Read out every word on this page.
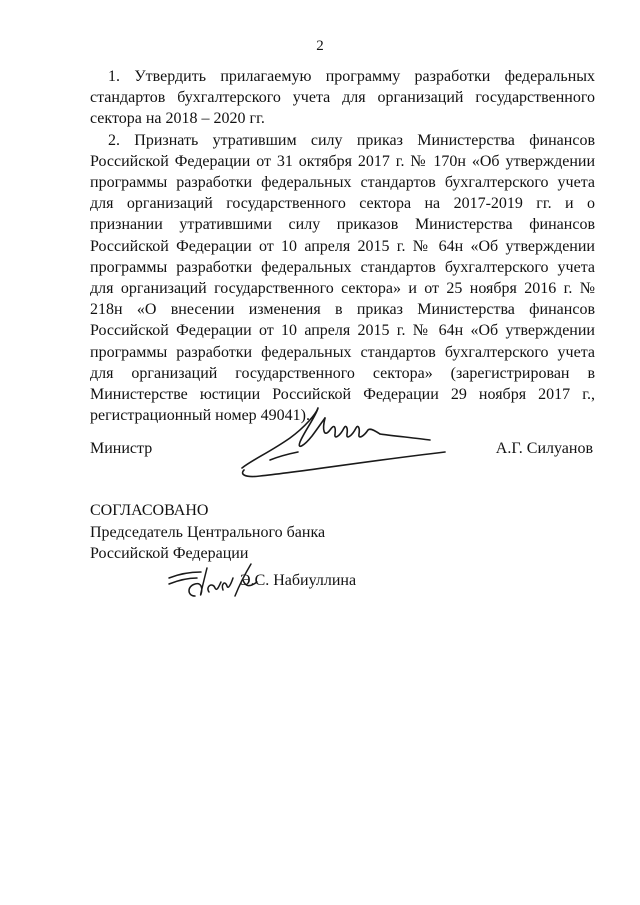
2

1. Утвердить прилагаемую программу разработки федеральных стандартов бухгалтерского учета для организаций государственного сектора на 2018 – 2020 гг.

2. Признать утратившим силу приказ Министерства финансов Российской Федерации от 31 октября 2017 г. № 170н «Об утверждении программы разработки федеральных стандартов бухгалтерского учета для организаций государственного сектора на 2017-2019 гг. и о признании утратившими силу приказов Министерства финансов Российской Федерации от 10 апреля 2015 г. № 64н «Об утверждении программы разработки федеральных стандартов бухгалтерского учета для организаций государственного сектора» и от 25 ноября 2016 г. № 218н «О внесении изменения в приказ Министерства финансов Российской Федерации от 10 апреля 2015 г. № 64н «Об утверждении программы разработки федеральных стандартов бухгалтерского учета для организаций государственного сектора» (зарегистрирован в Министерстве юстиции Российской Федерации 29 ноября 2017 г., регистрационный номер 49041).

Министр	А.Г. Силуанов
СОГЛАСОВАНО
Председатель Центрального банка
Российской Федерации
Э.С. Набиуллина
